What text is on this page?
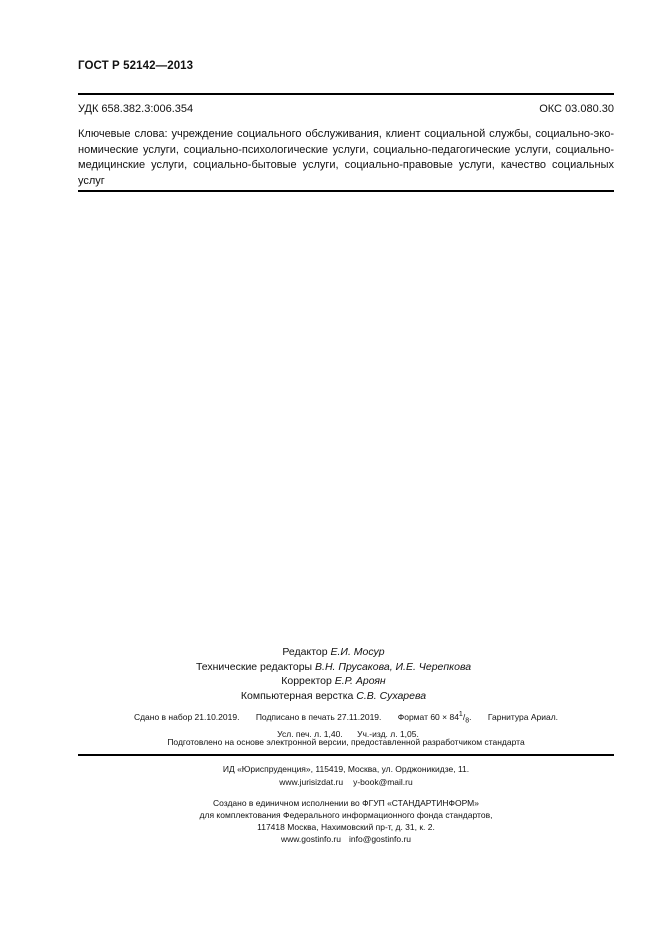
ГОСТ Р 52142—2013
УДК 658.382.3:006.354	ОКС 03.080.30
Ключевые слова: учреждение социального обслуживания, клиент социальной службы, социально-эко-
номические услуги, социально-психологические услуги, социально-педагогические услуги, социально-
медицинские услуги, социально-бытовые услуги, социально-правовые услуги, качество социальных
услуг
Редактор Е.И. Мосур
Технические редакторы В.Н. Прусакова, И.Е. Черепкова
Корректор Е.Р. Ароян
Компьютерная верстка С.В. Сухарева
Сдано в набор 21.10.2019. Подписано в печать 27.11.2019. Формат $60 \times 84^1/_8$. Гарнитура Ариал.
Усл. печ. л. 1,40. Уч.-изд. л. 1,05.
Подготовлено на основе электронной версии, предоставленной разработчиком стандарта
ИД «Юриспруденция», 115419, Москва, ул. Орджоникидзе, 11.
www.jurisizdat.ru y-book@mail.ru
Создано в единичном исполнении во ФГУП «СТАНДАРТИНФОРМ»
для комплектования Федерального информационного фонда стандартов,
117418 Москва, Нахимовский пр-т, д. 31, к. 2.
www.gostinfo.ru info@gostinfo.ru
